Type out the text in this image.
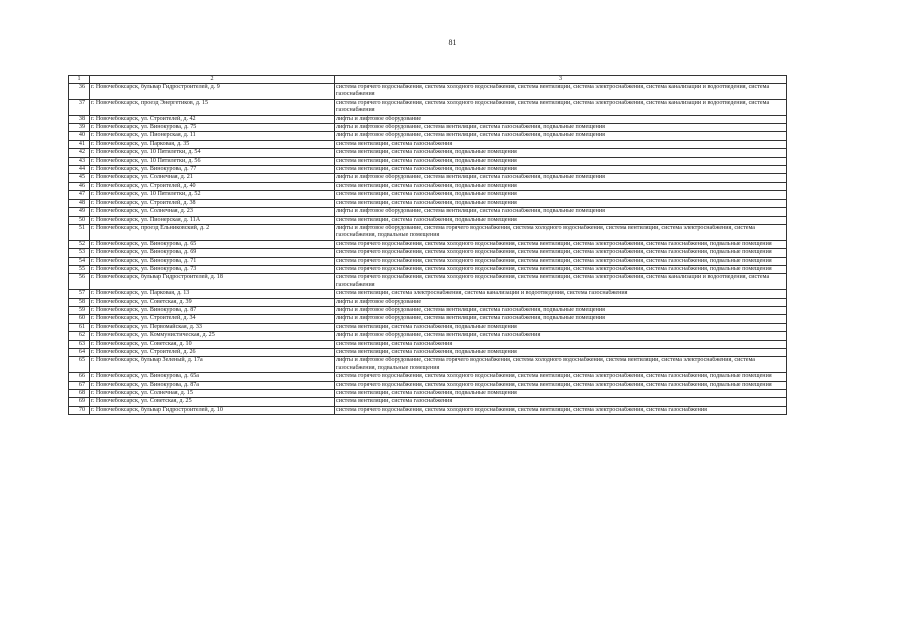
81
1	2	3
36	г. Новочебоксарск, бульвар Гидростроителей, д. 9	система горячего водоснабжения, система холодного водоснабжения, система вентиляции, система электроснабжения, система канализации и водоотведения, система газоснабжения
37	г. Новочебоксарск, проезд Энергетиков, д. 15	система горячего водоснабжения, система холодного водоснабжения, система вентиляции, система электроснабжения, система канализации и водоотведения, система газоснабжения
38	г. Новочебоксарск, ул. Строителей, д. 42	лифты и лифтовое оборудование
39	г. Новочебоксарск, ул. Винокурова, д. 75	лифты и лифтовое оборудование, система вентиляции, система газоснабжения, подвальные помещения
40	г. Новочебоксарск, ул. Пионерская, д. 11	лифты и лифтовое оборудование, система вентиляции, система газоснабжения, подвальные помещения
41	г. Новочебоксарск, ул. Парковая, д. 35	система вентиляции, система газоснабжения
42	г. Новочебоксарск, ул. 10 Пятилетки, д. 54	система вентиляции, система газоснабжения, подвальные помещения
43	г. Новочебоксарск, ул. 10 Пятилетки, д. 56	система вентиляции, система газоснабжения, подвальные помещения
44	г. Новочебоксарск, ул. Винокурова, д. 77	система вентиляции, система газоснабжения, подвальные помещения
45	г. Новочебоксарск, ул. Солнечная, д. 21	лифты и лифтовое оборудование, система вентиляции, система газоснабжения, подвальные помещения
46	г. Новочебоксарск, ул. Строителей, д. 40	система вентиляции, система газоснабжения, подвальные помещения
47	г. Новочебоксарск, ул. 10 Пятилетки, д. 52	система вентиляции, система газоснабжения, подвальные помещения
48	г. Новочебоксарск, ул. Строителей, д. 38	система вентиляции, система газоснабжения, подвальные помещения
49	г. Новочебоксарск, ул. Солнечная, д. 23	лифты и лифтовое оборудование, система вентиляции, система газоснабжения, подвальные помещения
50	г. Новочебоксарск, ул. Пионерская, д. 11А	система вентиляции, система газоснабжения, подвальные помещения
51	г. Новочебоксарск, проезд Ельниковский, д. 2	лифты и лифтовое оборудование, система горячего водоснабжения, система холодного водоснабжения, система вентиляции, система электроснабжения, система газоснабжения, подвальные помещения
52	г. Новочебоксарск, ул. Винокурова, д. 65	система горячего водоснабжения, система холодного водоснабжения, система вентиляции, система электроснабжения, система газоснабжения, подвальные помещения
53	г. Новочебоксарск, ул. Винокурова, д. 69	система горячего водоснабжения, система холодного водоснабжения, система вентиляции, система электроснабжения, система газоснабжения, подвальные помещения
54	г. Новочебоксарск, ул. Винокурова, д. 71	система горячего водоснабжения, система холодного водоснабжения, система вентиляции, система электроснабжения, система газоснабжения, подвальные помещения
55	г. Новочебоксарск, ул. Винокурова, д. 73	система горячего водоснабжения, система холодного водоснабжения, система вентиляции, система электроснабжения, система газоснабжения, подвальные помещения
56	г. Новочебоксарск, бульвар Гидростроителей, д. 18	система горячего водоснабжения, система холодного водоснабжения, система вентиляции, система электроснабжения, система канализации и водоотведения, система газоснабжения
57	г. Новочебоксарск, ул. Парковая, д. 13	система вентиляции, система электроснабжения, система канализации и водоотведения, система газоснабжения
58	г. Новочебоксарск, ул. Советская, д. 39	лифты и лифтовое оборудование
59	г. Новочебоксарск, ул. Винокурова, д. 87	лифты и лифтовое оборудование, система вентиляции, система газоснабжения, подвальные помещения
60	г. Новочебоксарск, ул. Строителей, д. 34	лифты и лифтовое оборудование, система вентиляции, система газоснабжения, подвальные помещения
61	г. Новочебоксарск, ул. Первомайская, д. 33	система вентиляции, система газоснабжения, подвальные помещения
62	г. Новочебоксарск, ул. Коммунистическая, д. 25	лифты и лифтовое оборудование, система вентиляции, система газоснабжения
63	г. Новочебоксарск, ул. Советская, д. 10	система вентиляции, система газоснабжения
64	г. Новочебоксарск, ул. Строителей, д. 26	система вентиляции, система газоснабжения, подвальные помещения
65	г. Новочебоксарск, бульвар Зеленый, д. 17а	лифты и лифтовое оборудование, система горячего водоснабжения, система холодного водоснабжения, система вентиляции, система электроснабжения, система газоснабжения, подвальные помещения
66	г. Новочебоксарск, ул. Винокурова, д. 65а	система горячего водоснабжения, система холодного водоснабжения, система вентиляции, система электроснабжения, система газоснабжения, подвальные помещения
67	г. Новочебоксарск, ул. Винокурова, д. 87а	система горячего водоснабжения, система холодного водоснабжения, система вентиляции, система электроснабжения, система газоснабжения, подвальные помещения
68	г. Новочебоксарск, ул. Солнечная, д. 15	система вентиляции, система газоснабжения, подвальные помещения
69	г. Новочебоксарск, ул. Советская, д. 25	система вентиляции, система газоснабжения
70	г. Новочебоксарск, бульвар Гидростроителей, д. 10	система горячего водоснабжения, система холодного водоснабжения, система вентиляции, система электроснабжения, система газоснабжения
